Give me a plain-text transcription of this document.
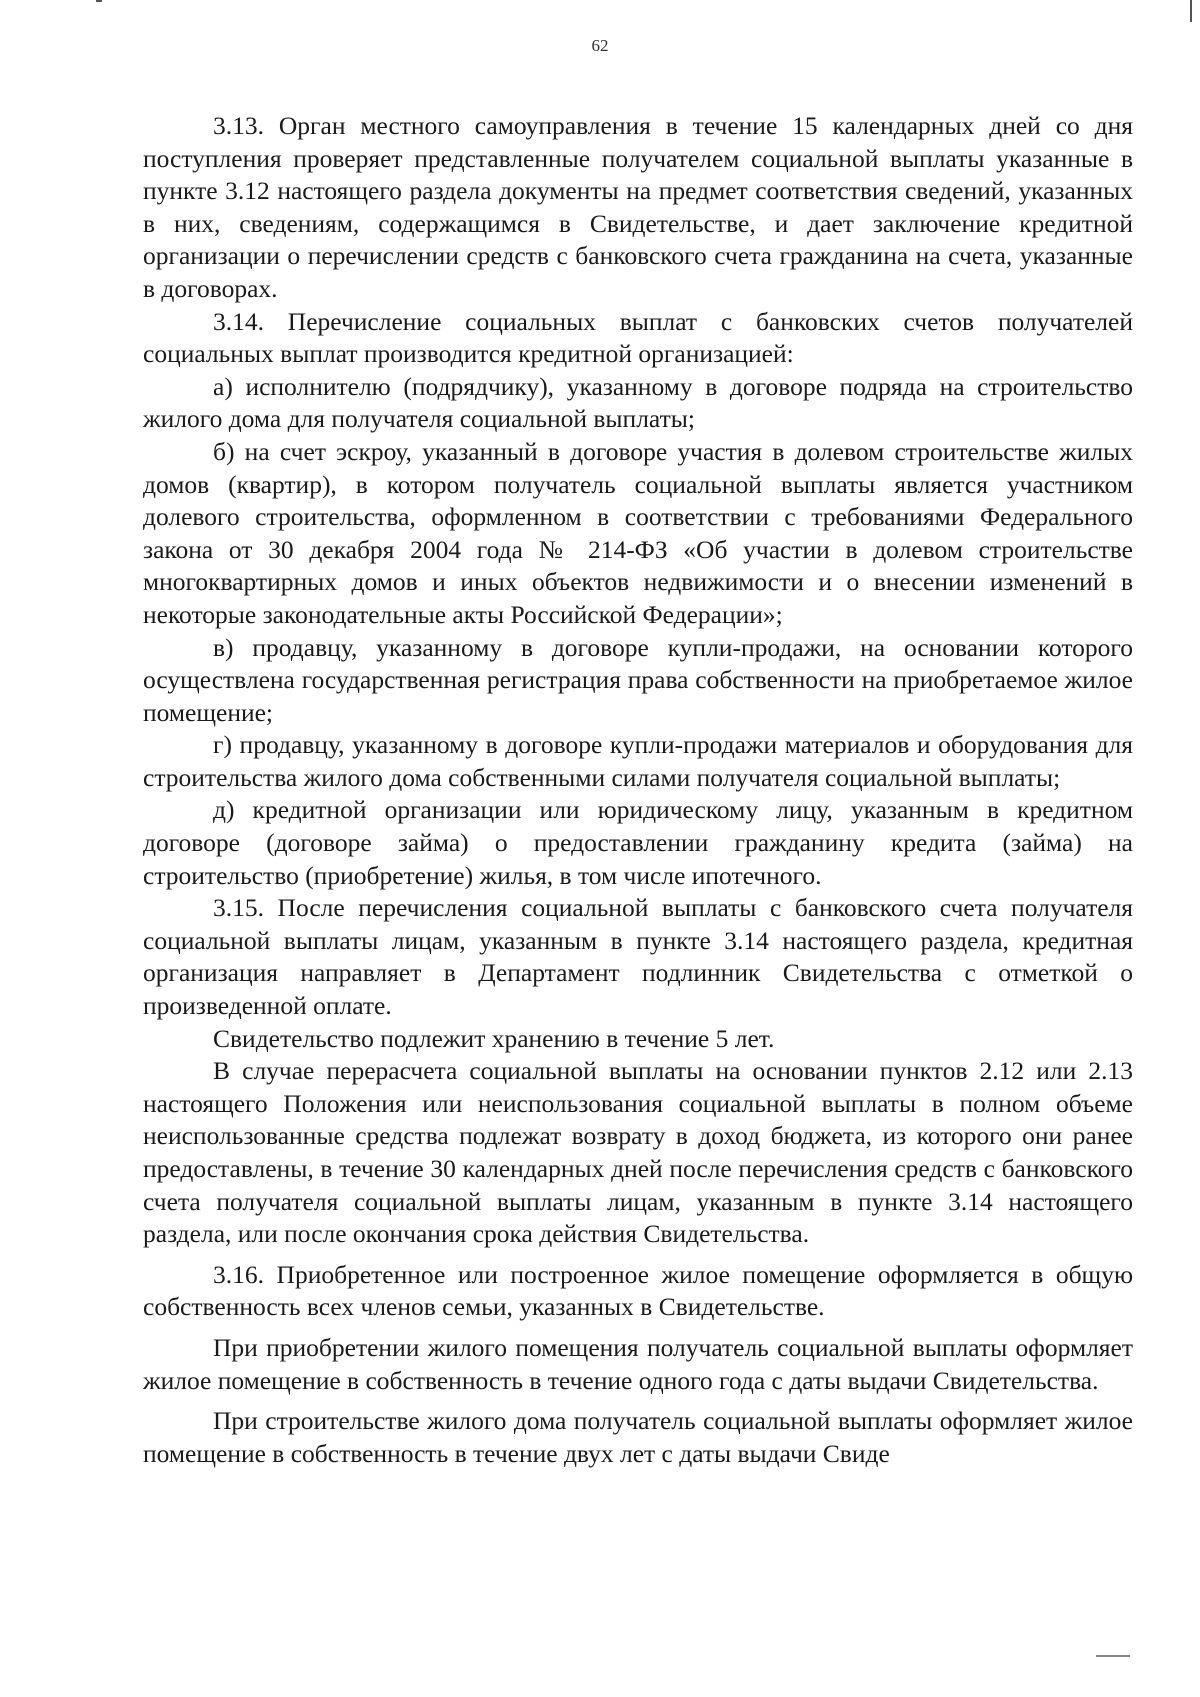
62

3.13. Орган местного самоуправления в течение 15 календарных дней со дня поступления проверяет представленные получателем социальной выплаты указанные в пункте 3.12 настоящего раздела документы на предмет соответствия сведений, указанных в них, сведениям, содержащимся в Свидетельстве, и дает заключение кредитной организации о перечислении средств с банковского счета гражданина на счета, указанные в договорах.

3.14. Перечисление социальных выплат с банковских счетов получателей социальных выплат производится кредитной организацией:

а) исполнителю (подрядчику), указанному в договоре подряда на строительство жилого дома для получателя социальной выплаты;

б) на счет эскроу, указанный в договоре участия в долевом строительстве жилых домов (квартир), в котором получатель социальной выплаты является участником долевого строительства, оформленном в соответствии с требованиями Федерального закона от 30 декабря 2004 года № 214-ФЗ «Об участии в долевом строительстве многоквартирных домов и иных объектов недвижимости и о внесении изменений в некоторые законодательные акты Российской Федерации»;

в) продавцу, указанному в договоре купли-продажи, на основании которого осуществлена государственная регистрация права собственности на приобретаемое жилое помещение;

г) продавцу, указанному в договоре купли-продажи материалов и оборудования для строительства жилого дома собственными силами получателя социальной выплаты;

д) кредитной организации или юридическому лицу, указанным в кредитном договоре (договоре займа) о предоставлении гражданину кредита (займа) на строительство (приобретение) жилья, в том числе ипотечного.

3.15. После перечисления социальной выплаты с банковского счета получателя социальной выплаты лицам, указанным в пункте 3.14 настоящего раздела, кредитная организация направляет в Департамент подлинник Свидетельства с отметкой о произведенной оплате.

Свидетельство подлежит хранению в течение 5 лет.

В случае перерасчета социальной выплаты на основании пунктов 2.12 или 2.13 настоящего Положения или неиспользования социальной выплаты в полном объеме неиспользованные средства подлежат возврату в доход бюджета, из которого они ранее предоставлены, в течение 30 календарных дней после перечисления средств с банковского счета получателя социальной выплаты лицам, указанным в пункте 3.14 настоящего раздела, или после окончания срока действия Свидетельства.

3.16. Приобретенное или построенное жилое помещение оформляется в общую собственность всех членов семьи, указанных в Свидетельстве.

При приобретении жилого помещения получатель социальной выплаты оформляет жилое помещение в собственность в течение одного года с даты выдачи Свидетельства.

При строительстве жилого дома получатель социальной выплаты оформляет жилое помещение в собственность в течение двух лет с даты выдачи Свиде
